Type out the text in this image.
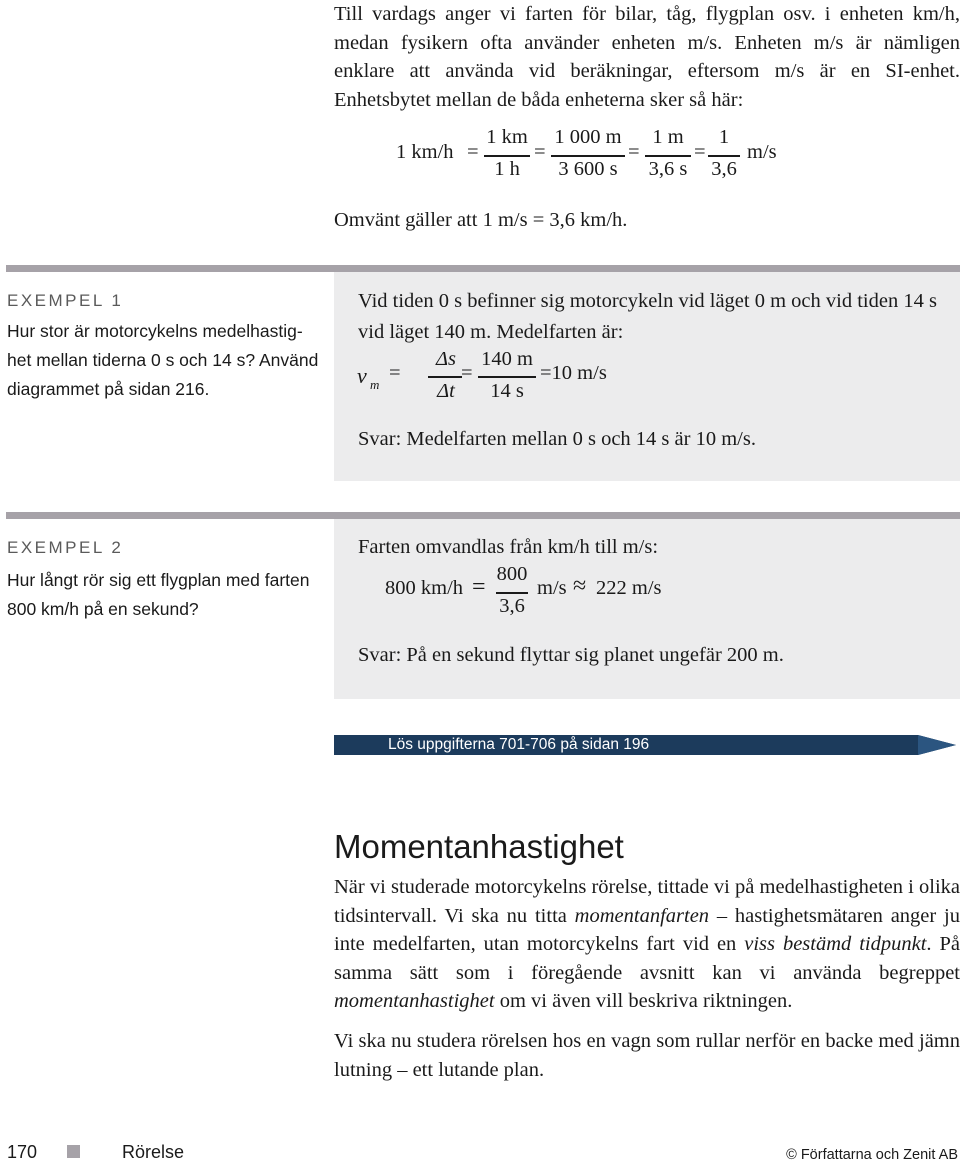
Till vardags anger vi farten för bilar, tåg, flygplan osv. i enheten km/h, medan fysikern ofta använder enheten m/s. Enheten m/s är nämligen enklare att använda vid beräkningar, eftersom m/s är en SI-enhet. Enhetsbytet mellan de båda enheterna sker så här:

1 km/h =
1 km
1 h
=
1 000 m
3 600 s
=
1 m
3,6 s
=
1
3,6
m/s
Omvänt gäller att 1 m/s = 3,6 km/h.
EXEMPEL 1
Hur stor är motorcykelns medelhastighet mellan tiderna 0 s och 14 s? Använd diagrammet på sidan 216.
Vid tiden 0 s befinner sig motorcykeln vid läget 0 m och vid tiden 14 s vid läget 140 m. Medelfarten är:
v m
=
Δs
Δt
=
140 m
14 s
=10 m/s
Svar: Medelfarten mellan 0 s och 14 s är 10 m/s.
EXEMPEL 2
Hur långt rör sig ett flygplan med farten 800 km/h på en sekund?
Farten omvandlas från km/h till m/s:
800 km/h = 800
3,6
m/s ≈ 222 m/s
Svar: På en sekund flyttar sig planet ungefär 200 m.
Lös uppgifterna 701-706 på sidan 196
Momentanhastighet

När vi studerade motorcykelns rörelse, tittade vi på medelhastigheten i olika tidsintervall. Vi ska nu titta momentanfarten – hastighetsmätaren anger ju inte medelfarten, utan motorcykelns fart vid en viss bestämd tidpunkt. På samma sätt som i föregående avsnitt kan vi använda begreppet momentanhastighet om vi även vill beskriva riktningen.

Vi ska nu studera rörelsen hos en vagn som rullar nerför en backe med jämn lutning – ett lutande plan.

170	Rörelse	© Författarna och Zenit AB
